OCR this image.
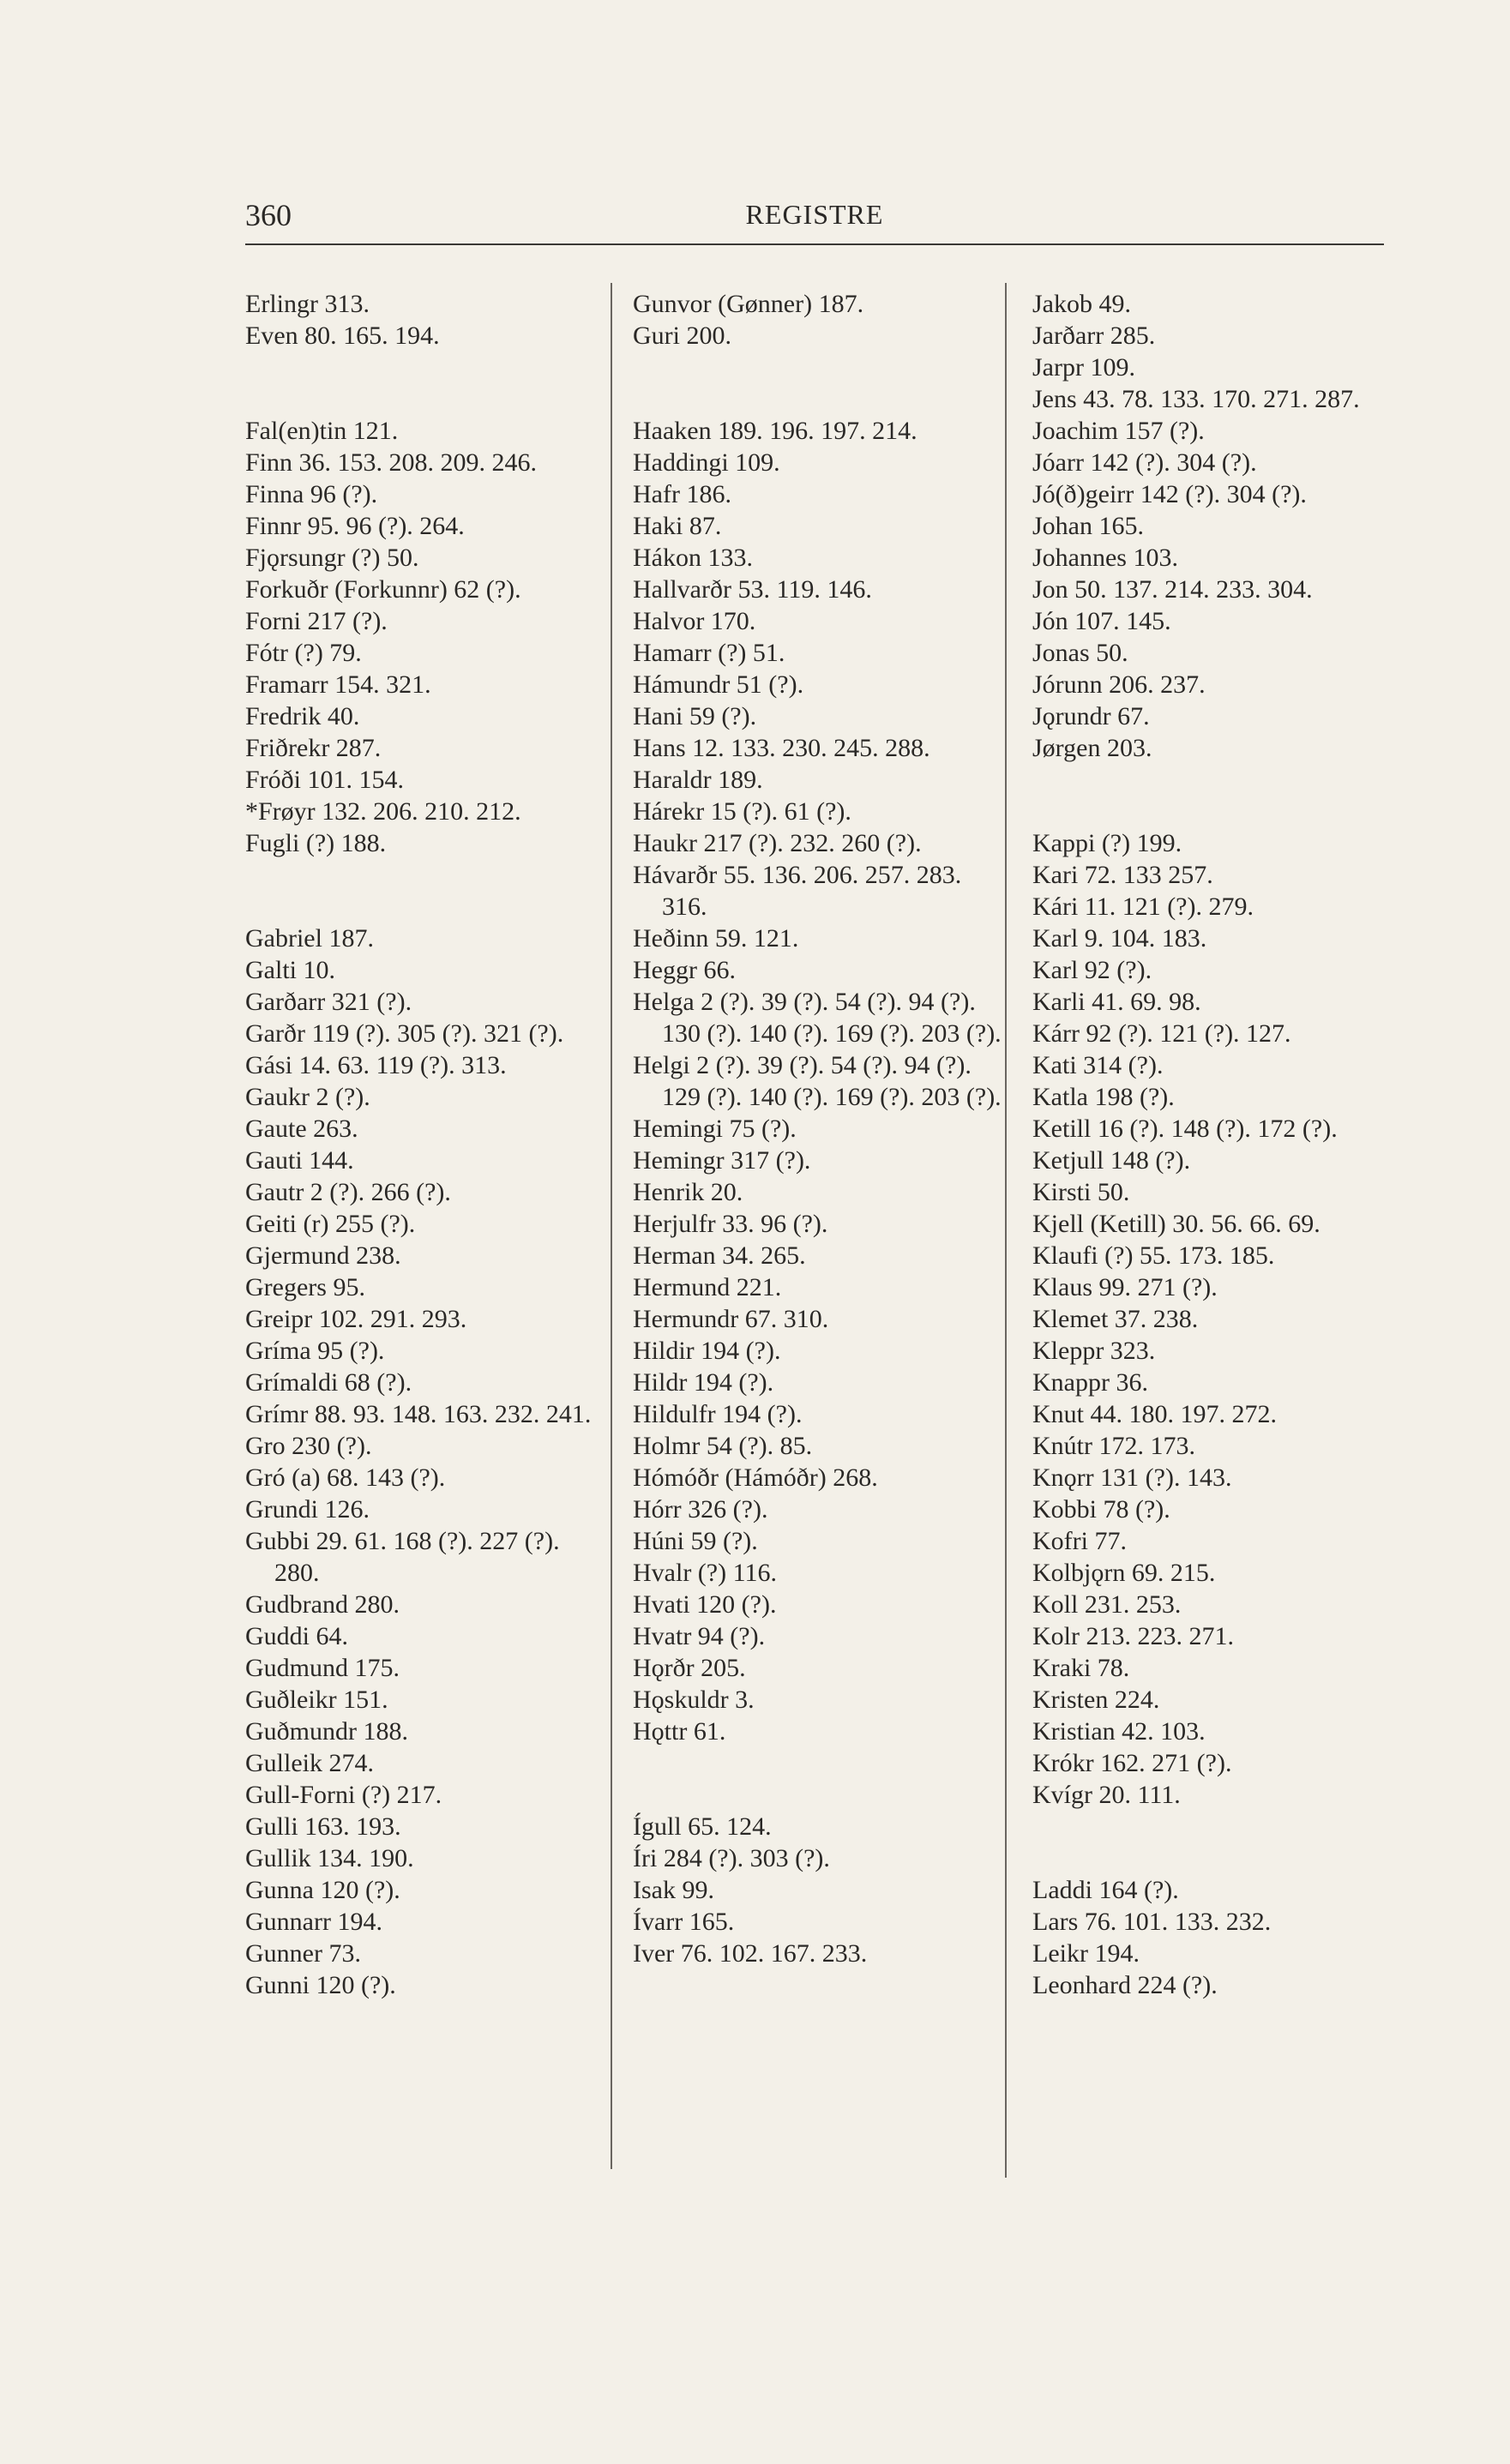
360	REGISTRE
Erlingr 313.
Even 80. 165. 194.
Fal(en)tin 121.
Finn 36. 153. 208. 209. 246.
Finna 96 (?).
Finnr 95. 96 (?). 264.
Fjǫrsungr (?) 50.
Forkuðr (Forkunnr) 62 (?).
Forni 217 (?).
Fótr (?) 79.
Framarr 154. 321.
Fredrik 40.
Friðrekr 287.
Fróði 101. 154.
*Frøyr 132. 206. 210. 212.
Fugli (?) 188.
Gabriel 187.
Galti 10.
Garðarr 321 (?).
Garðr 119 (?). 305 (?). 321 (?).
Gási 14. 63. 119 (?). 313.
Gaukr 2 (?).
Gaute 263.
Gauti 144.
Gautr 2 (?). 266 (?).
Geiti (r) 255 (?).
Gjermund 238.
Gregers 95.
Greipr 102. 291. 293.
Gríma 95 (?).
Grímaldi 68 (?).
Grímr 88. 93. 148. 163. 232. 241.
Gro 230 (?).
Gró (a) 68. 143 (?).
Grundi 126.
Gubbi 29. 61. 168 (?). 227 (?). 280.
Gudbrand 280.
Guddi 64.
Gudmund 175.
Guðleikr 151.
Guðmundr 188.
Gulleik 274.
Gull-Forni (?) 217.
Gulli 163. 193.
Gullik 134. 190.
Gunna 120 (?).
Gunnarr 194.
Gunner 73.
Gunni 120 (?).
Gunvor (Gønner) 187.
Guri 200.
Haaken 189. 196. 197. 214.
Haddingi 109.
Hafr 186.
Haki 87.
Hákon 133.
Hallvarðr 53. 119. 146.
Halvor 170.
Hamarr (?) 51.
Hámundr 51 (?).
Hani 59 (?).
Hans 12. 133. 230. 245. 288.
Haraldr 189.
Hárekr 15 (?). 61 (?).
Haukr 217 (?). 232. 260 (?).
Hávarðr 55. 136. 206. 257. 283. 316.
Heðinn 59. 121.
Heggr 66.
Helga 2 (?). 39 (?). 54 (?). 94 (?). 130 (?). 140 (?). 169 (?). 203 (?).
Helgi 2 (?). 39 (?). 54 (?). 94 (?). 129 (?). 140 (?). 169 (?). 203 (?).
Hemingi 75 (?).
Hemingr 317 (?).
Henrik 20.
Herjulfr 33. 96 (?).
Herman 34. 265.
Hermund 221.
Hermundr 67. 310.
Hildir 194 (?).
Hildr 194 (?).
Hildulfr 194 (?).
Holmr 54 (?). 85.
Hómóðr (Hámóðr) 268.
Hórr 326 (?).
Húni 59 (?).
Hvalr (?) 116.
Hvati 120 (?).
Hvatr 94 (?).
Hǫrðr 205.
Hǫskuldr 3.
Hǫttr 61.
Ígull 65. 124.
Íri 284 (?). 303 (?).
Isak 99.
Ívarr 165.
Iver 76. 102. 167. 233.
Jakob 49.
Jarðarr 285.
Jarpr 109.
Jens 43. 78. 133. 170. 271. 287.
Joachim 157 (?).
Jóarr 142 (?). 304 (?).
Jó(ð)geirr 142 (?). 304 (?).
Johan 165.
Johannes 103.
Jon 50. 137. 214. 233. 304.
Jón 107. 145.
Jonas 50.
Jórunn 206. 237.
Jǫrundr 67.
Jørgen 203.
Kappi (?) 199.
Kari 72. 133 257.
Kári 11. 121 (?). 279.
Karl 9. 104. 183.
Karl 92 (?).
Karli 41. 69. 98.
Kárr 92 (?). 121 (?). 127.
Kati 314 (?).
Katla 198 (?).
Ketill 16 (?). 148 (?). 172 (?).
Ketjull 148 (?).
Kirsti 50.
Kjell (Ketill) 30. 56. 66. 69.
Klaufi (?) 55. 173. 185.
Klaus 99. 271 (?).
Klemet 37. 238.
Kleppr 323.
Knappr 36.
Knut 44. 180. 197. 272.
Knútr 172. 173.
Knǫrr 131 (?). 143.
Kobbi 78 (?).
Kofri 77.
Kolbjǫrn 69. 215.
Koll 231. 253.
Kolr 213. 223. 271.
Kraki 78.
Kristen 224.
Kristian 42. 103.
Krókr 162. 271 (?).
Kvígr 20. 111.
Laddi 164 (?).
Lars 76. 101. 133. 232.
Leikr 194.
Leonhard 224 (?).
